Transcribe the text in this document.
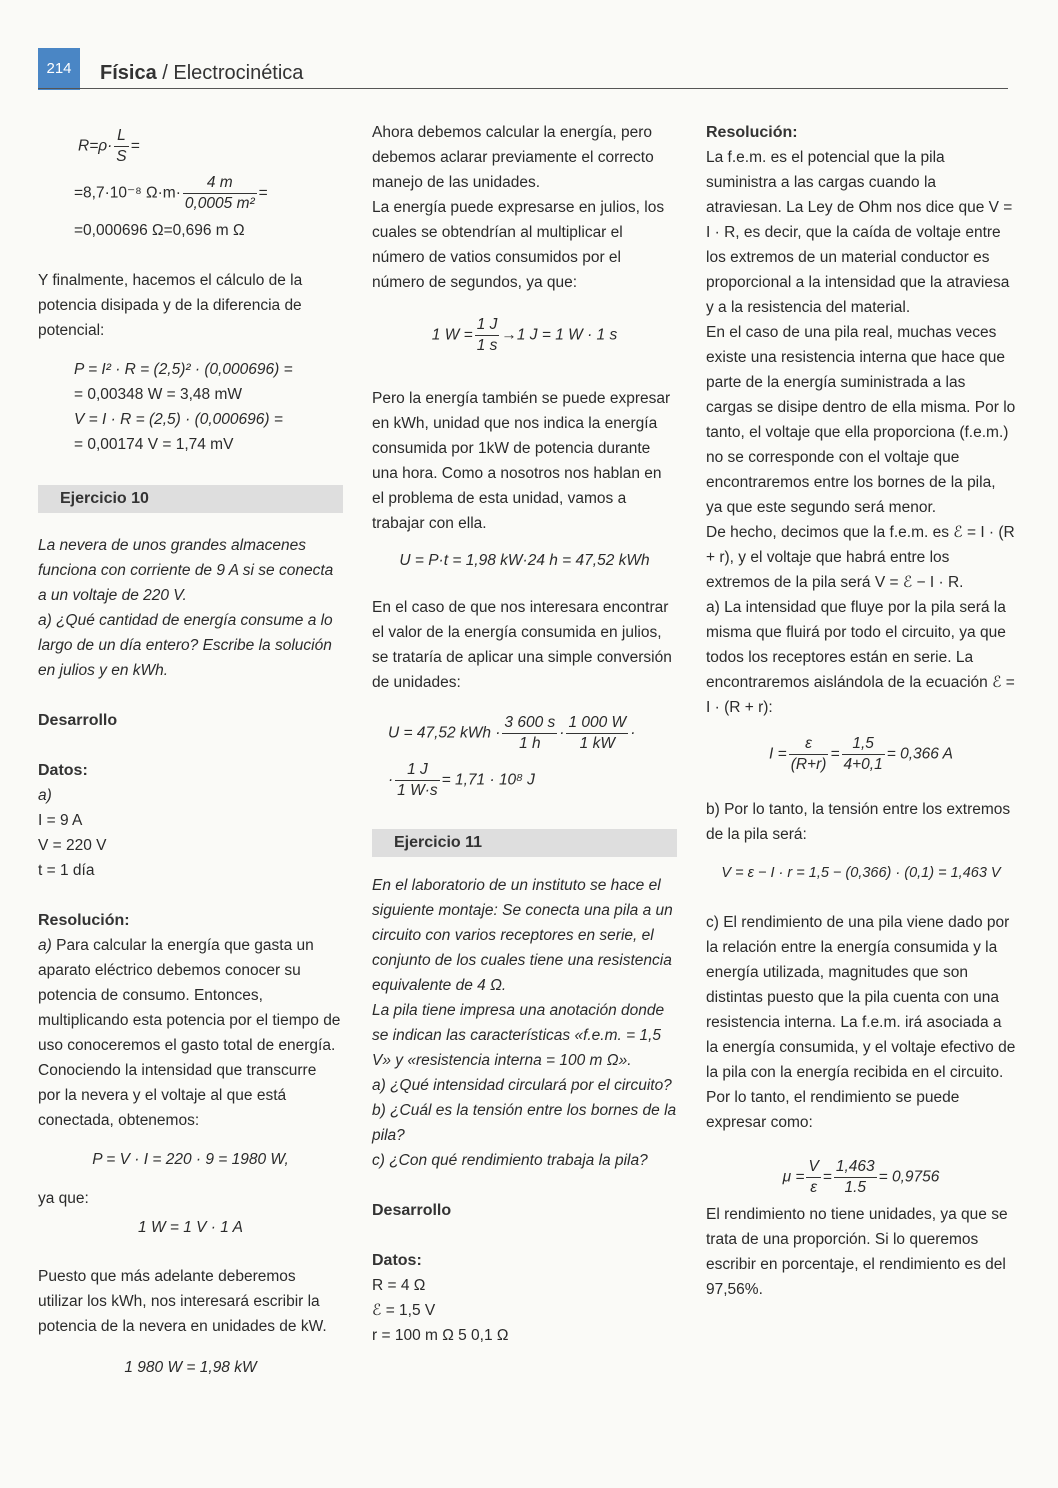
214	Física / Electrocinética
$R=\rho\cdot \frac{L}{S}$ =
=8,7·10⁻⁸ $\Omega\cdot m\cdot \frac{4 m}{\text{0,0005 m²}}$ =
=0,000696 Ω=0,696 m Ω

Y finalmente, hacemos el cálculo de la potencia disipada y de la diferencia de potencial:

P = I² · R = (2,5)² · (0,000696) =
= 0,00348 W = 3,48 mW
V = I · R = (2,5) · (0,000696) =
= 0,00174 V = 1,74 mV
Ejercicio 10

La nevera de unos grandes almacenes funciona con corriente de 9 A si se conecta a un voltaje de 220 V.

a) ¿Qué cantidad de energía consume a lo largo de un día entero? Escribe la solución en julios y en kWh.

Desarrollo

Datos:

a)

I = 9 A

V = 220 V

t = 1 día

Resolución:

a) Para calcular la energía que gasta un aparato eléctrico debemos conocer su potencia de consumo. Entonces, multiplicando esta potencia por el tiempo de uso conoceremos el gasto total de energía. Conociendo la intensidad que transcurre por la nevera y el voltaje al que está conectada, obtenemos:

P = V · I = 220 · 9 = 1980 W,

ya que:

1 W = 1 V · 1 A

Puesto que más adelante deberemos utilizar los kWh, nos interesará escribir la potencia de la nevera en unidades de kW.

1 980 W = 1,98 kW

Ahora debemos calcular la energía, pero debemos aclarar previamente el correcto manejo de las unidades.

La energía puede expresarse en julios, los cuales se obtendrían al multiplicar el número de vatios consumidos por el número de segundos, ya que:

1 $W = \frac{1 J}{1 s} \to 1$ J = 1 W · 1 s

Pero la energía también se puede expresar en kWh, unidad que nos indica la energía consumida por 1kW de potencia durante una hora. Como a nosotros nos hablan en el problema de esta unidad, vamos a trabajar con ella.

U = P·t = 1,98 kW·24 h = 47,52 kWh

En el caso de que nos interesara encontrar el valor de la energía consumida en julios, se trataría de aplicar una simple conversión de unidades:

U = 47,52 kWh · $\frac{3 600 s}{1 h} \cdot \frac{1 000 W}{1 kW}$ ·
· $\frac{1 J}{1 W\cdot s} = 1,71 \cdot 10^8$ J
Ejercicio 11

En el laboratorio de un instituto se hace el siguiente montaje: Se conecta una pila a un circuito con varios receptores en serie, el conjunto de los cuales tiene una resistencia equivalente de 4 Ω.

La pila tiene impresa una anotación donde se indican las características «f.e.m. = 1,5 V» y «resistencia interna = 100 m Ω».

a) ¿Qué intensidad circulará por el circuito?

b) ¿Cuál es la tensión entre los bornes de la pila?

c) ¿Con qué rendimiento trabaja la pila?

Desarrollo

Datos:

R = 4 Ω

ℰ = 1,5 V

r = 100 m Ω 5 0,1 Ω

Resolución:

La f.e.m. es el potencial que la pila suministra a las cargas cuando la atraviesan. La Ley de Ohm nos dice que V = I · R, es decir, que la caída de voltaje entre los extremos de un material conductor es proporcional a la intensidad que la atraviesa y a la resistencia del material.

En el caso de una pila real, muchas veces existe una resistencia interna que hace que parte de la energía suministrada a las cargas se disipe dentro de ella misma. Por lo tanto, el voltaje que ella proporciona (f.e.m.) no se corresponde con el voltaje que encontraremos entre los bornes de la pila, ya que este segundo será menor.

De hecho, decimos que la f.e.m. es ℰ = I · (R + r), y el voltaje que habrá entre los extremos de la pila será V = ℰ − I · R.

a) La intensidad que fluye por la pila será la misma que fluirá por todo el circuito, ya que todos los receptores están en serie. La encontraremos aislándola de la ecuación ℰ = I · (R + r):

$I = \frac{\varepsilon}{(R+r)} = \frac{1,5}{4+0,1} = 0,366$ A

b) Por lo tanto, la tensión entre los extremos de la pila será:

V = ε − I · r = 1,5 − (0,366) · (0,1) = 1,463 V

c) El rendimiento de una pila viene dado por la relación entre la energía consumida y la energía utilizada, magnitudes que son distintas puesto que la pila cuenta con una resistencia interna. La f.e.m. irá asociada a la energía consumida, y el voltaje efectivo de la pila con la energía recibida en el circuito. Por lo tanto, el rendimiento se puede expresar como:

$\mu = \frac{V}{\varepsilon} = \frac{1,463}{1.5} = 0,9756$

El rendimiento no tiene unidades, ya que se trata de una proporción. Si lo queremos escribir en porcentaje, el rendimiento es del 97,56%.
